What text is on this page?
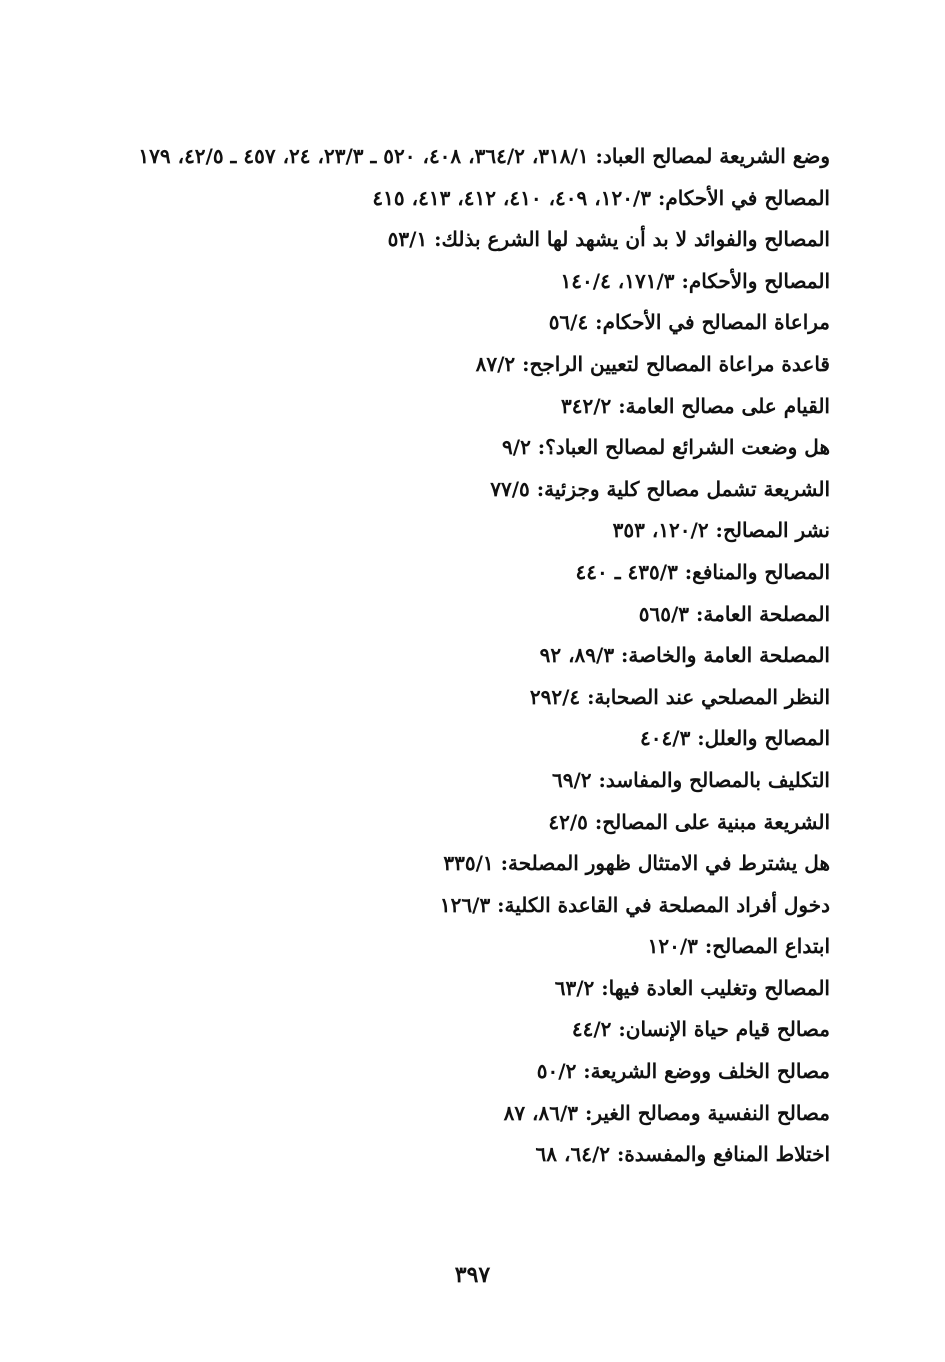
وضع الشريعة لمصالح العباد: ٣١٨/١، ٣٦٤/٢، ٤٠٨، ٥٢٠ ـ ٢٣/٣، ٢٤، ٤٥٧ ـ ٤٢/٥، ١٧٩
المصالح في الأحكام: ١٢٠/٣، ٤٠٩، ٤١٠، ٤١٢، ٤١٣، ٤١٥
المصالح والفوائد لا بد أن يشهد لها الشرع بذلك: ٥٣/١
المصالح والأحكام: ١٧١/٣، ١٤٠/٤
مراعاة المصالح في الأحكام: ٥٦/٤
قاعدة مراعاة المصالح لتعيين الراجح: ٨٧/٢
القيام على مصالح العامة: ٣٤٢/٢
هل وضعت الشرائع لمصالح العباد؟: ٩/٢
الشريعة تشمل مصالح كلية وجزئية: ٧٧/٥
نشر المصالح: ١٢٠/٢، ٣٥٣
المصالح والمنافع: ٤٣٥/٣ ـ ٤٤٠
المصلحة العامة: ٥٦٥/٣
المصلحة العامة والخاصة: ٨٩/٣، ٩٢
النظر المصلحي عند الصحابة: ٢٩٢/٤
المصالح والعلل: ٤٠٤/٣
التكليف بالمصالح والمفاسد: ٦٩/٢
الشريعة مبنية على المصالح: ٤٢/٥
هل يشترط في الامتثال ظهور المصلحة: ٣٣٥/١
دخول أفراد المصلحة في القاعدة الكلية: ١٢٦/٣
ابتداع المصالح: ١٢٠/٣
المصالح وتغليب العادة فيها: ٦٣/٢
مصالح قيام حياة الإنسان: ٤٤/٢
مصالح الخلف ووضع الشريعة: ٥٠/٢
مصالح النفسية ومصالح الغير: ٨٦/٣، ٨٧
اختلاط المنافع والمفسدة: ٦٤/٢، ٦٨
٣٩٧
